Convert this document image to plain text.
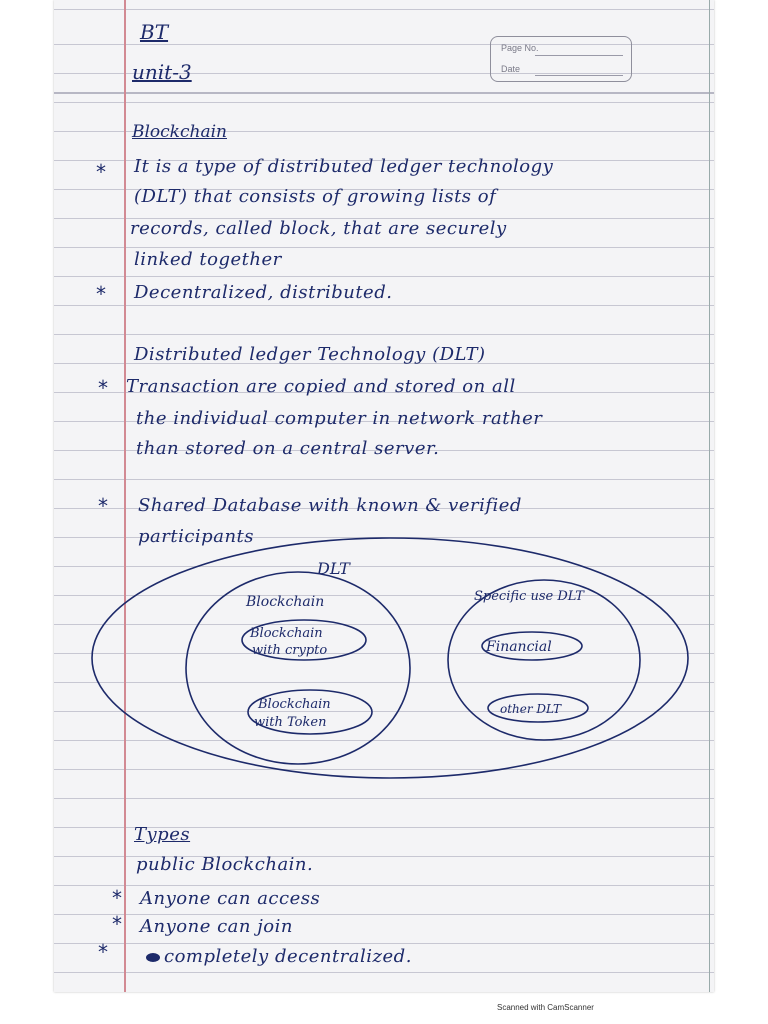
BT
unit-3
Page No.
Date
Blockchain
* It is a type of distributed ledger technology
(DLT) that consists of growing lists of
records, called block, that are securely
linked together
* Decentralized, distributed.
Distributed ledger Technology (DLT)
* Transaction are copied and stored on all
the individual computer in network rather
than stored on a central server.
* Shared Database with known & verified
participants
DLT
Blockchain
Blockchain
with crypto
Blockchain
with Token
Specific use DLT
Financial
other DLT
Types
public Blockchain.
* Anyone can access
* Anyone can join
*	completely decentralized.
Scanned with CamScanner
